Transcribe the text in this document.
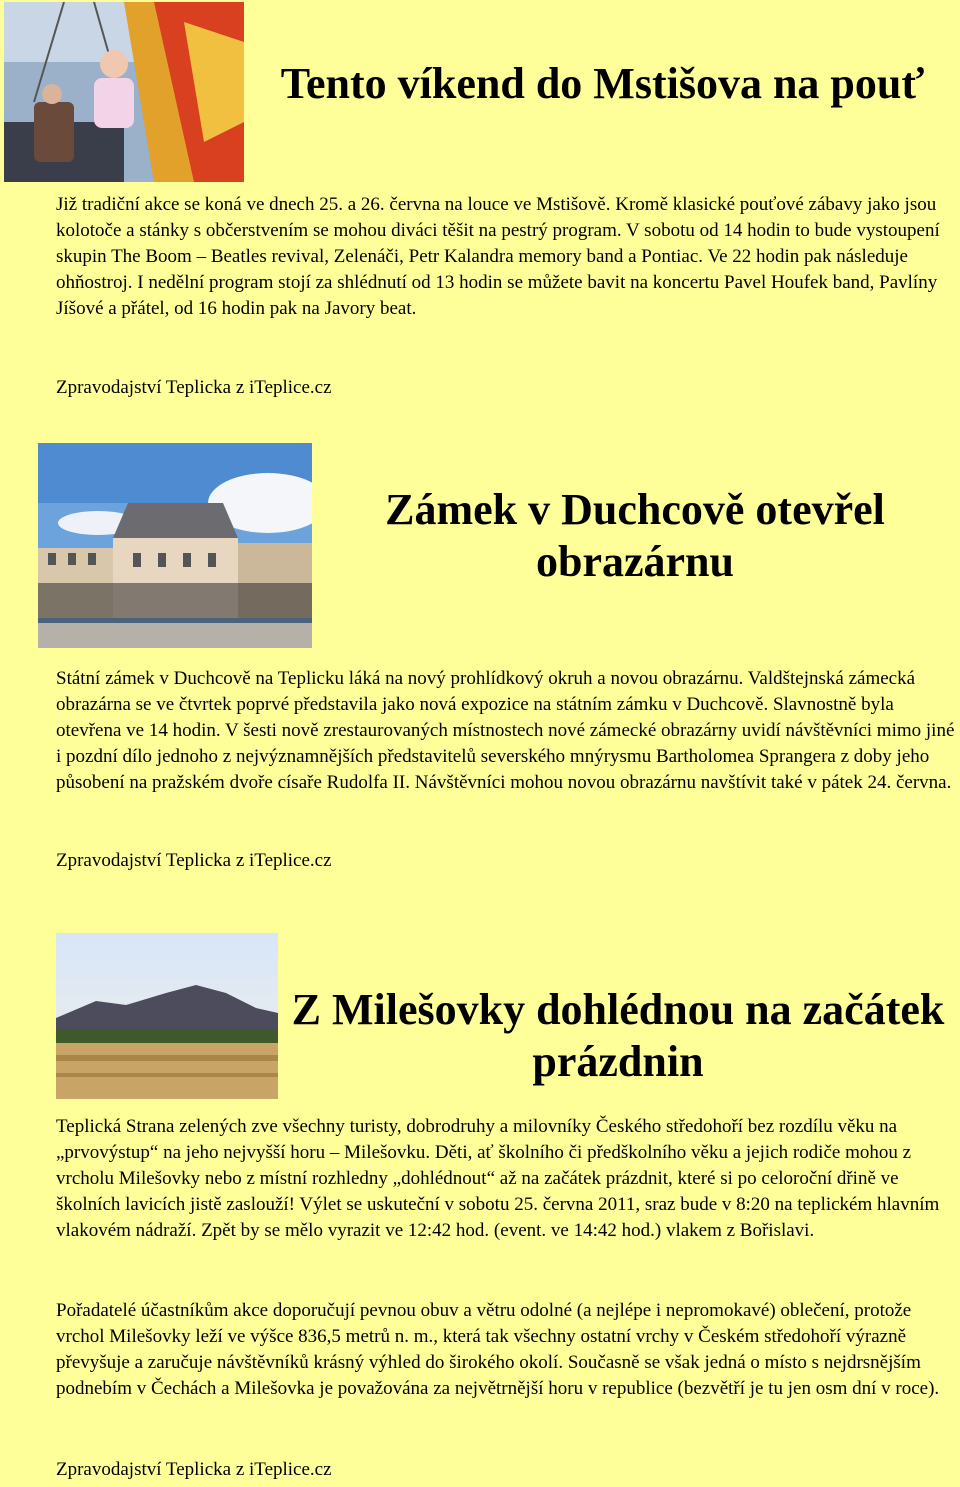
Tento víkend do Mstišova na pouť

Již tradiční akce se koná ve dnech 25. a 26. června na louce ve Mstišově. Kromě klasické pouťové zábavy jako jsou kolotoče a stánky s občerstvením se mohou diváci těšit na pestrý program. V sobotu od 14 hodin to bude vystoupení skupin The Boom – Beatles revival, Zelenáči, Petr Kalandra memory band a Pontiac. Ve 22 hodin pak následuje ohňostroj. I nedělní program stojí za shlédnutí od 13 hodin se můžete bavit na koncertu Pavel Houfek band, Pavlíny Jíšové a přátel, od 16 hodin pak na Javory beat.

Zpravodajství Teplicka z iTeplice.cz

Zámek v Duchcově otevřel
obrazárnu

Státní zámek v Duchcově na Teplicku láká na nový prohlídkový okruh a novou obrazárnu. Valdštejnská zámecká obrazárna se ve čtvrtek poprvé představila jako nová expozice na státním zámku v Duchcově. Slavnostně byla otevřena ve 14 hodin. V šesti nově zrestaurovaných místnostech nové zámecké obrazárny uvidí návštěvníci mimo jiné i pozdní dílo jednoho z nejvýznamnějších představitelů severského mnýrysmu Bartholomea Sprangera z doby jeho působení na pražském dvoře císaře Rudolfa II. Návštěvníci mohou novou obrazárnu navštívit také v pátek 24. června.

Zpravodajství Teplicka z iTeplice.cz

Z Milešovky dohlédnou na začátek
prázdnin

Teplická Strana zelených zve všechny turisty, dobrodruhy a milovníky Českého středohoří bez rozdílu věku na „prvovýstup“ na jeho nejvyšší horu – Milešovku. Děti, ať školního či předškolního věku a jejich rodiče mohou z vrcholu Milešovky nebo z místní rozhledny „dohlédnout“ až na začátek prázdnit, které si po celoroční dřině ve školních lavicích jistě zaslouží! Výlet se uskuteční v sobotu 25. června 2011, sraz bude v 8:20 na teplickém hlavním vlakovém nádraží. Zpět by se mělo vyrazit ve 12:42 hod. (event. ve 14:42 hod.) vlakem z Bořislavi.

Pořadatelé účastníkům akce doporučují pevnou obuv a větru odolné (a nejlépe i nepromokavé) oblečení, protože vrchol Milešovky leží ve výšce 836,5 metrů n. m., která tak všechny ostatní vrchy v Českém středohoří výrazně převyšuje a zaručuje návštěvníků krásný výhled do širokého okolí. Současně se však jedná o místo s nejdrsnějším podnebím v Čechách a Milešovka je považována za největrnější horu v republice (bezvětří je tu jen osm dní v roce).

Zpravodajství Teplicka z iTeplice.cz
